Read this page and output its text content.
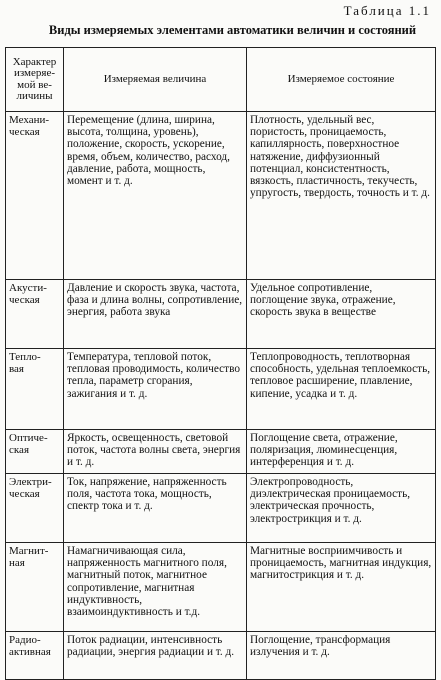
Таблица 1.1
Виды измеряемых элементами автоматики величин и состояний
Характер
измеряе-
мой ве-
личины	Измеряемая величина	Измеряемое состояние
Механи-
ческая	Перемещение (длина, ширина, высота, толщина, уровень), положение, скорость, ускорение, время, объем, количество, расход, давление, работа, мощность, момент и т. д.	Плотность, удельный вес, пористость, проницаемость, капиллярность, поверхностное натяжение, диффузионный потенциал, консистентность, вязкость, пластичность, текучесть, упругость, твердость, точность и т. д.
Акусти-
ческая	Давление и скорость звука, частота, фаза и длина волны, сопротивление, энергия, работа звука	Удельное сопротивление, поглощение звука, отражение, скорость звука в веществе
Тепло-
вая	Температура, тепловой поток, тепловая проводимость, количество тепла, параметр сгорания, зажигания и т. д.	Теплопроводность, теплотворная способность, удельная теплоемкость, тепловое расширение, плавление, кипение, усадка и т. д.
Оптиче-
ская	Яркость, освещенность, световой поток, частота волны света, энергия и т. д.	Поглощение света, отражение, поляризация, люминесценция, интерференция и т. д.
Электри-
ческая	Ток, напряжение, напряженность поля, частота тока, мощность, спектр тока и т. д.	Электропроводность, диэлектрическая проницаемость, электрическая прочность, электрострикция и т. д.
Магнит-
ная	Намагничивающая сила, напряженность магнитного поля, магнитный поток, магнитное сопротивление, магнитная индуктивность, взаимоиндуктивность и т.д.	Магнитные восприимчивость и проницаемость, магнитная индукция, магнитострикция и т. д.
Радио-
активная	Поток радиации, интенсивность радиации, энергия радиации и т. д.	Поглощение, трансформация излучения и т. д.
